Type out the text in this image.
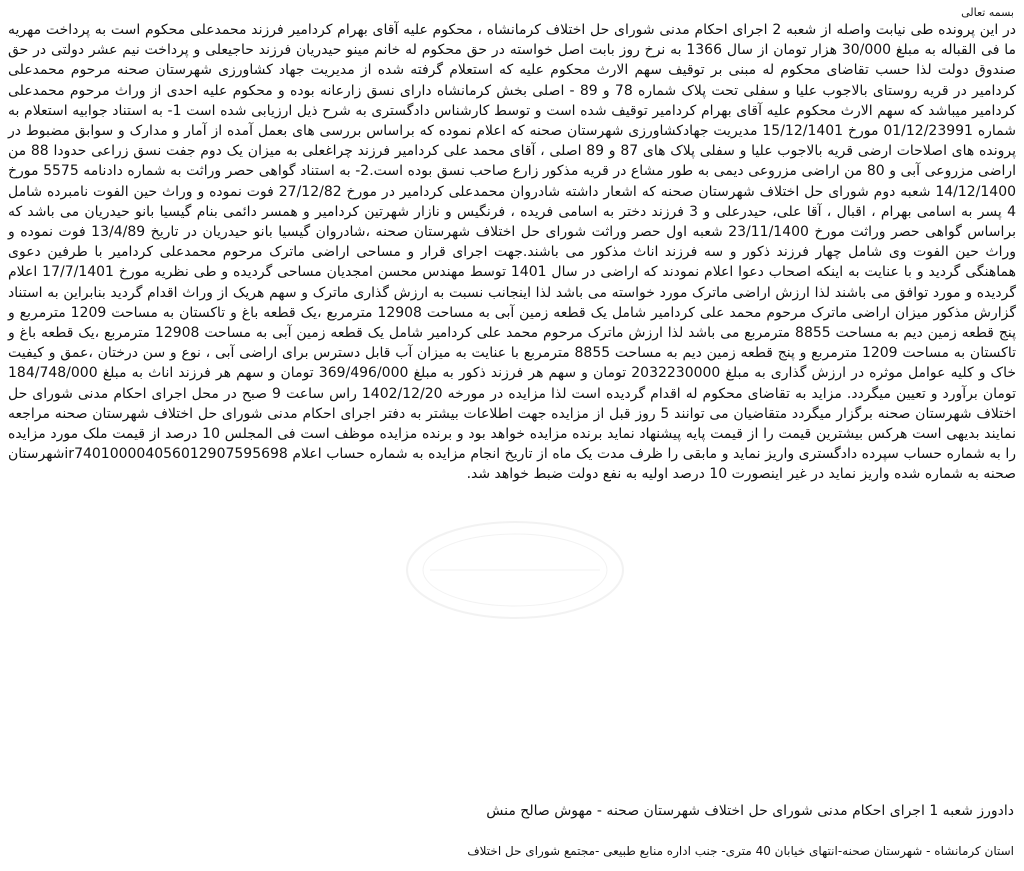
بسمه تعالی
در این پرونده طی نیابت واصله از شعبه 2 اجرای احکام مدنی شورای حل اختلاف کرمانشاه ، محکوم علیه آقای بهرام کردامیر فرزند محمدعلی محکوم است به پرداخت مهریه ما فی القباله به مبلغ 30/000 هزار تومان از سال 1366 به نرخ روز بابت اصل خواسته در حق محکوم له خانم مینو حیدریان فرزند حاجیعلی و پرداخت نیم عشر دولتی در حق صندوق دولت لذا حسب تقاضای محکوم له مبنی بر توقیف سهم الارث محکوم علیه که استعلام گرفته شده از مدیریت جهاد کشاورزی شهرستان صحنه مرحوم محمدعلی کردامیر در قریه روستای بالاجوب علیا و سفلی تحت پلاک شماره 78 و 89 - اصلی بخش کرمانشاه دارای نسق زارعانه بوده و محکوم علیه احدی از وراث مرحوم محمدعلی کردامیر میباشد که سهم الارث محکوم علیه آقای بهرام کردامیر توقیف شده است و توسط کارشناس دادگستری به شرح ذیل ارزیابی شده است 1- به استناد جوابیه استعلام به شماره 01/12/23991 مورخ 15/12/1401 مدیریت جهادکشاورزی شهرستان صحنه که اعلام نموده که براساس بررسی های بعمل آمده از آمار و مدارک و سوابق مضبوط در پرونده های اصلاحات ارضی قریه بالاجوب علیا و سفلی پلاک های 87 و 89 اصلی ، آقای محمد علی کردامیر فرزند چراغعلی به میزان یک دوم جفت نسق زراعی حدودا 88 من اراضی مزروعی آبی و 80 من اراضی مزروعی دیمی به طور مشاع در قریه مذکور زارع صاحب نسق بوده است.2- به استناد گواهی حصر وراثت به شماره دادنامه 5575 مورخ 14/12/1400 شعبه دوم شورای حل اختلاف شهرستان صحنه که اشعار داشته شادروان محمدعلی کردامیر در مورخ 27/12/82 فوت نموده و وراث حین الفوت نامبرده شامل 4 پسر به اسامی بهرام ، اقبال ، آقا علی، حیدرعلی و 3 فرزند دختر به اسامی فریده ، فرنگیس و نازار شهرتین کردامیر و همسر دائمی بنام گیسیا بانو حیدریان می باشد که براساس گواهی حصر وراثت مورخ 23/11/1400 شعبه اول حصر وراثت شورای حل اختلاف شهرستان صحنه ،شادروان گیسیا بانو حیدریان در تاریخ 13/4/89 فوت نموده و وراث حین الفوت وی شامل چهار فرزند ذکور و سه فرزند اناث مذکور می باشند.جهت اجرای قرار و مساحی اراضی ماترک مرحوم محمدعلی کردامیر با طرفین دعوی هماهنگی گردید و با عنایت به اینکه اصحاب دعوا اعلام نمودند که اراضی در سال 1401 توسط مهندس محسن امجدیان مساحی گردیده و طی نظریه مورخ 17/7/1401 اعلام گردیده و مورد توافق می باشند لذا ارزش اراضی ماترک مورد خواسته می باشد لذا اینجانب نسبت به ارزش گذاری ماترک و سهم هریک از وراث اقدام گردید بنابراین به استناد گزارش مذکور میزان اراضی ماترک مرحوم محمد علی کردامیر شامل یک قطعه زمین آبی به مساحت 12908 مترمربع ،یک قطعه باغ و تاکستان به مساحت 1209 مترمربع و پنج قطعه زمین دیم به مساحت 8855 مترمربع می باشد لذا ارزش ماترک مرحوم محمد علی کردامیر شامل یک قطعه زمین آبی به مساحت 12908 مترمربع ،یک قطعه باغ و تاکستان به مساحت 1209 مترمربع و پنج قطعه زمین دیم به مساحت 8855 مترمربع با عنایت به میزان آب قابل دسترس برای اراضی آبی ، نوع و سن درختان ،عمق و کیفیت خاک و کلیه عوامل موثره در ارزش گذاری به مبلغ 2032230000 تومان و سهم هر فرزند ذکور به مبلغ 369/496/000 تومان و سهم هر فرزند اناث به مبلغ 184/748/000 تومان برآورد و تعیین میگردد. مزاید به تقاضای محکوم له اقدام گردیده است لذا مزایده در مورخه 1402/12/20 راس ساعت 9 صبح در محل اجرای احکام مدنی شورای حل اختلاف شهرستان صحنه برگزار میگردد متقاضیان می توانند 5 روز قبل از مزایده جهت اطلاعات بیشتر به دفتر اجرای احکام مدنی شورای حل اختلاف شهرستان صحنه مراجعه نمایند بدیهی است هرکس بیشترین قیمت را از قیمت پایه پیشنهاد نماید برنده مزایده خواهد بود و برنده مزایده موظف است فی المجلس 10 درصد از قیمت ملک مورد مزایده را به شماره حساب سپرده دادگستری واریز نماید و مابقی را ظرف مدت یک ماه از تاریخ انجام مزایده به شماره حساب اعلام ir740100004056012907595698شهرستان صحنه به شماره شده واریز نماید در غیر اینصورت 10 درصد اولیه به نفع دولت ضبط خواهد شد.
دادورز شعبه 1 اجرای احکام مدنی شورای حل اختلاف شهرستان صحنه - مهوش صالح منش
استان کرمانشاه - شهرستان صحنه-انتهای خیابان 40 متری- جنب اداره منابع طبیعی -مجتمع شورای حل اختلاف
